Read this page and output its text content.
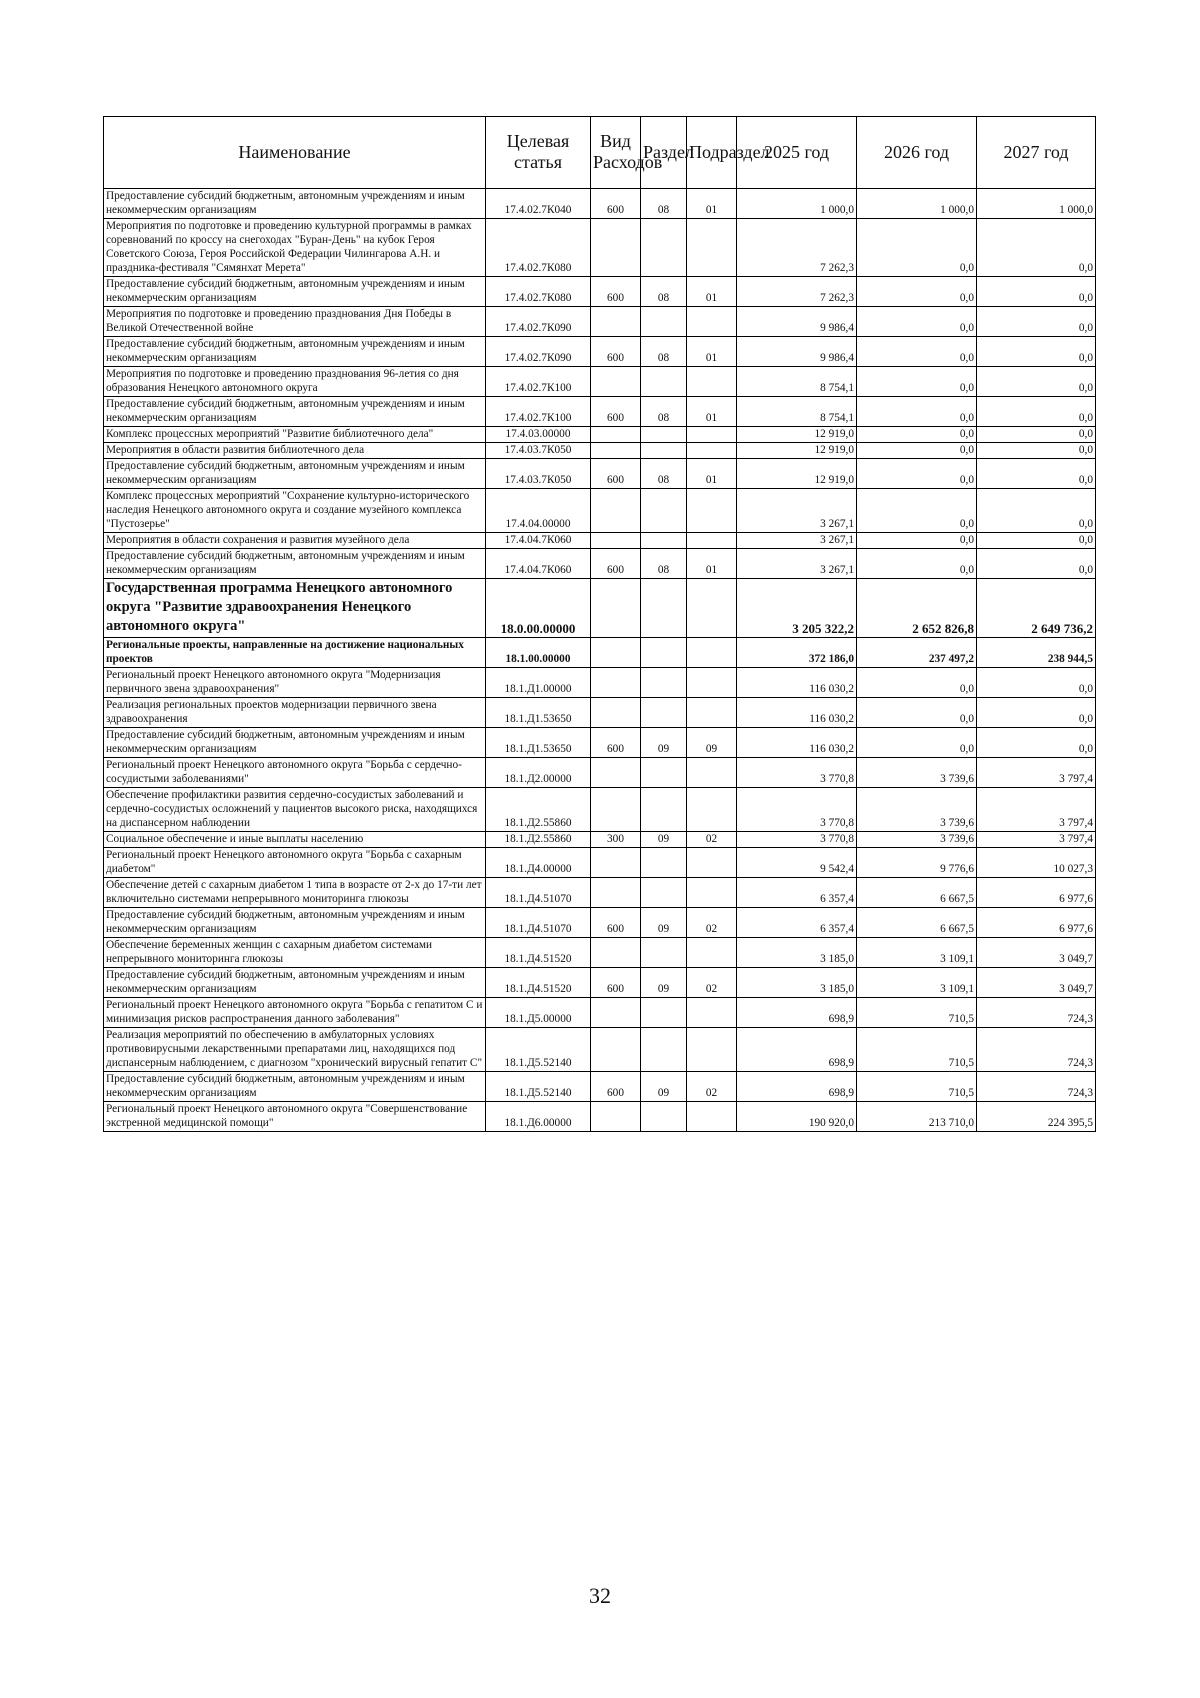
Наименование	Целевая статья	Вид Расходов	Раздел	Подраздел	2025 год	2026 год	2027 год
Предоставление субсидий бюджетным, автономным учреждениям и иным некоммерческим организациям	17.4.02.7К040	600	08	01	1 000,0	1 000,0	1 000,0
Мероприятия по подготовке и проведению культурной программы в рамках соревнований по кроссу на снегоходах "Буран-День" на кубок Героя Советского Союза, Героя Российской Федерации Чилингарова А.Н. и праздника-фестиваля "Сямянхат Мерета"	17.4.02.7К080				7 262,3	0,0	0,0
Предоставление субсидий бюджетным, автономным учреждениям и иным некоммерческим организациям	17.4.02.7К080	600	08	01	7 262,3	0,0	0,0
Мероприятия по подготовке и проведению празднования Дня Победы в Великой Отечественной войне	17.4.02.7К090				9 986,4	0,0	0,0
Предоставление субсидий бюджетным, автономным учреждениям и иным некоммерческим организациям	17.4.02.7К090	600	08	01	9 986,4	0,0	0,0
Мероприятия по подготовке и проведению празднования 96-летия со дня образования Ненецкого автономного округа	17.4.02.7К100				8 754,1	0,0	0,0
Предоставление субсидий бюджетным, автономным учреждениям и иным некоммерческим организациям	17.4.02.7К100	600	08	01	8 754,1	0,0	0,0
Комплекс процессных мероприятий "Развитие библиотечного дела"	17.4.03.00000				12 919,0	0,0	0,0
Мероприятия в области развития библиотечного дела	17.4.03.7К050				12 919,0	0,0	0,0
Предоставление субсидий бюджетным, автономным учреждениям и иным некоммерческим организациям	17.4.03.7К050	600	08	01	12 919,0	0,0	0,0
Комплекс процессных мероприятий "Сохранение культурно-исторического наследия Ненецкого автономного округа и создание музейного комплекса "Пустозерье"	17.4.04.00000				3 267,1	0,0	0,0
Мероприятия в области сохранения и развития музейного дела	17.4.04.7К060				3 267,1	0,0	0,0
Предоставление субсидий бюджетным, автономным учреждениям и иным некоммерческим организациям	17.4.04.7К060	600	08	01	3 267,1	0,0	0,0
Государственная программа Ненецкого автономного округа "Развитие здравоохранения Ненецкого автономного округа"	18.0.00.00000				3 205 322,2	2 652 826,8	2 649 736,2
Региональные проекты, направленные на достижение национальных проектов	18.1.00.00000				372 186,0	237 497,2	238 944,5
Региональный проект Ненецкого автономного округа "Модернизация первичного звена здравоохранения"	18.1.Д1.00000				116 030,2	0,0	0,0
Реализация региональных проектов модернизации первичного звена здравоохранения	18.1.Д1.53650				116 030,2	0,0	0,0
Предоставление субсидий бюджетным, автономным учреждениям и иным некоммерческим организациям	18.1.Д1.53650	600	09	09	116 030,2	0,0	0,0
Региональный проект Ненецкого автономного округа "Борьба с сердечно-сосудистыми заболеваниями"	18.1.Д2.00000				3 770,8	3 739,6	3 797,4
Обеспечение профилактики развития сердечно-сосудистых заболеваний и сердечно-сосудистых осложнений у пациентов высокого риска, находящихся на диспансерном наблюдении	18.1.Д2.55860				3 770,8	3 739,6	3 797,4
Социальное обеспечение и иные выплаты населению	18.1.Д2.55860	300	09	02	3 770,8	3 739,6	3 797,4
Региональный проект Ненецкого автономного округа "Борьба с сахарным диабетом"	18.1.Д4.00000				9 542,4	9 776,6	10 027,3
Обеспечение детей с сахарным диабетом 1 типа в возрасте от 2-х до 17-ти лет включительно системами непрерывного мониторинга глюкозы	18.1.Д4.51070				6 357,4	6 667,5	6 977,6
Предоставление субсидий бюджетным, автономным учреждениям и иным некоммерческим организациям	18.1.Д4.51070	600	09	02	6 357,4	6 667,5	6 977,6
Обеспечение беременных женщин с сахарным диабетом системами непрерывного мониторинга глюкозы	18.1.Д4.51520				3 185,0	3 109,1	3 049,7
Предоставление субсидий бюджетным, автономным учреждениям и иным некоммерческим организациям	18.1.Д4.51520	600	09	02	3 185,0	3 109,1	3 049,7
Региональный проект Ненецкого автономного округа "Борьба с гепатитом С и минимизация рисков распространения данного заболевания"	18.1.Д5.00000				698,9	710,5	724,3
Реализация мероприятий по обеспечению в амбулаторных условиях противовирусными лекарственными препаратами лиц, находящихся под диспансерным наблюдением, с диагнозом "хронический вирусный гепатит С"	18.1.Д5.52140				698,9	710,5	724,3
Предоставление субсидий бюджетным, автономным учреждениям и иным некоммерческим организациям	18.1.Д5.52140	600	09	02	698,9	710,5	724,3
Региональный проект Ненецкого автономного округа "Совершенствование экстренной медицинской помощи"	18.1.Д6.00000				190 920,0	213 710,0	224 395,5
32
